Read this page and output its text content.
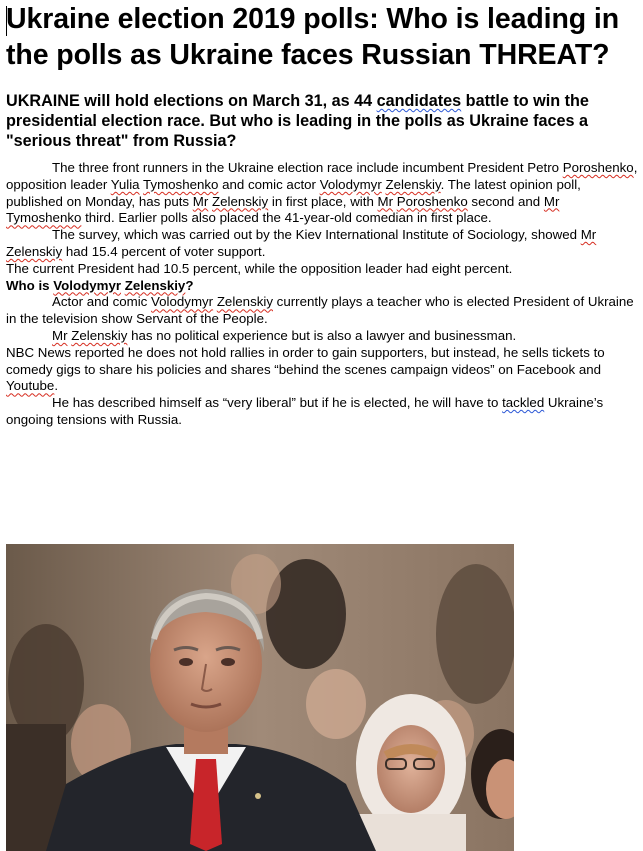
Ukraine election 2019 polls: Who is leading in the polls as Ukraine faces Russian THREAT?
UKRAINE will hold elections on March 31, as 44 candidates battle to win the presidential election race. But who is leading in the polls as Ukraine faces a "serious threat" from Russia?

The three front runners in the Ukraine election race include incumbent President Petro Poroshenko, opposition leader Yulia Tymoshenko and comic actor Volodymyr Zelenskiy. The latest opinion poll, published on Monday, has puts Mr Zelenskiy in first place, with Mr Poroshenko second and Mr Tymoshenko third. Earlier polls also placed the 41-year-old comedian in first place.

The survey, which was carried out by the Kiev International Institute of Sociology, showed Mr Zelenskiy had 15.4 percent of voter support.

The current President had 10.5 percent, while the opposition leader had eight percent.

Who is Volodymyr Zelenskiy?

Actor and comic Volodymyr Zelenskiy currently plays a teacher who is elected President of Ukraine in the television show Servant of the People.

Mr Zelenskiy has no political experience but is also a lawyer and businessman.

NBC News reported he does not hold rallies in order to gain supporters, but instead, he sells tickets to comedy gigs to share his policies and shares “behind the scenes campaign videos” on Facebook and Youtube.

He has described himself as “very liberal” but if he is elected, he will have to tackled Ukraine’s ongoing tensions with Russia.
